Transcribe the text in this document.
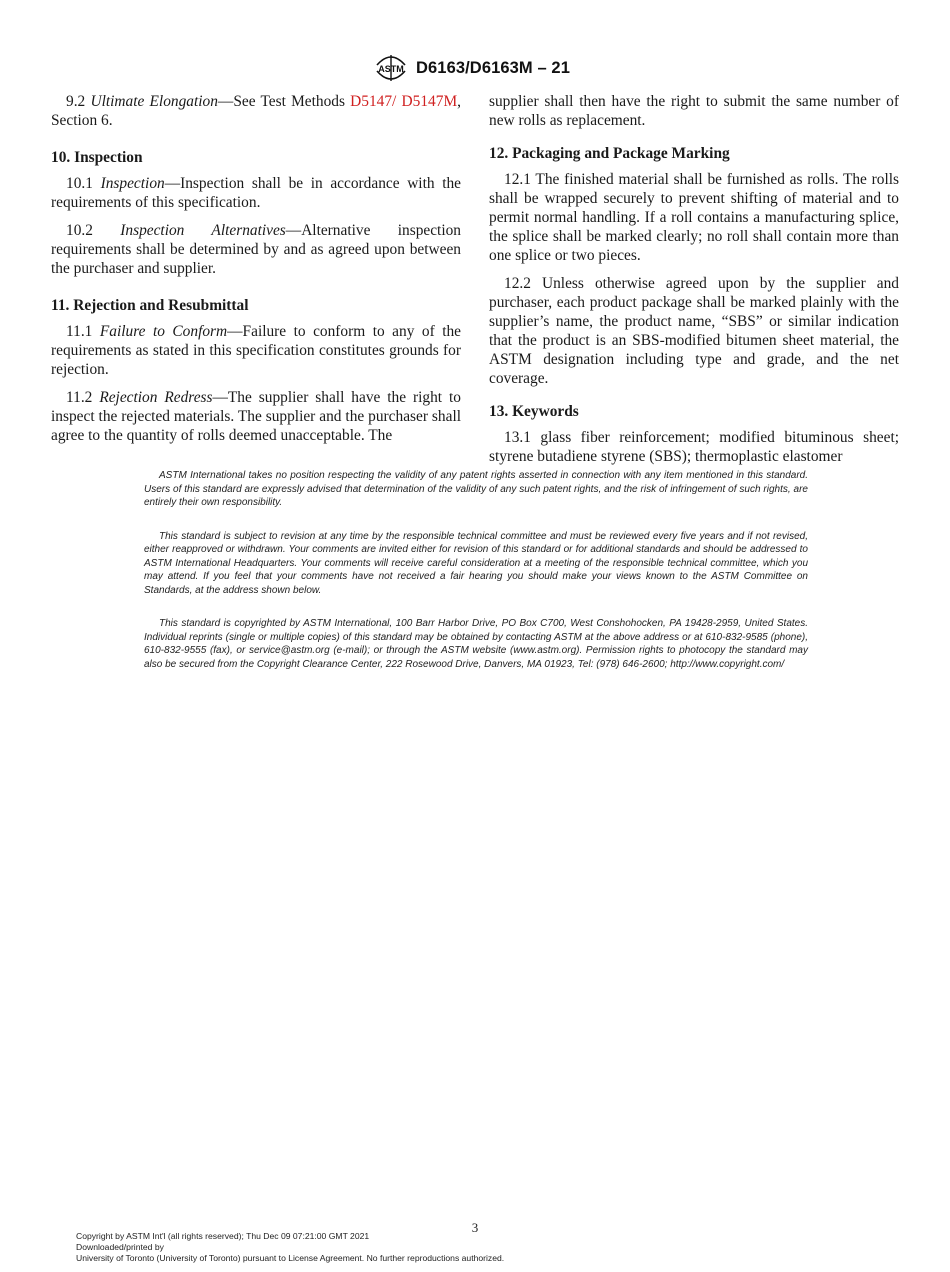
ASTM D6163/D6163M – 21

9.2 Ultimate Elongation—See Test Methods D5147/ D5147M, Section 6.

10. Inspection

10.1 Inspection—Inspection shall be in accordance with the requirements of this specification.

10.2 Inspection Alternatives—Alternative inspection requirements shall be determined by and as agreed upon between the purchaser and supplier.

11. Rejection and Resubmittal

11.1 Failure to Conform—Failure to conform to any of the requirements as stated in this specification constitutes grounds for rejection.

11.2 Rejection Redress—The supplier shall have the right to inspect the rejected materials. The supplier and the purchaser shall agree to the quantity of rolls deemed unacceptable. The

supplier shall then have the right to submit the same number of new rolls as replacement.

12. Packaging and Package Marking

12.1 The finished material shall be furnished as rolls. The rolls shall be wrapped securely to prevent shifting of material and to permit normal handling. If a roll contains a manufacturing splice, the splice shall be marked clearly; no roll shall contain more than one splice or two pieces.

12.2 Unless otherwise agreed upon by the supplier and purchaser, each product package shall be marked plainly with the supplier’s name, the product name, “SBS” or similar indication that the product is an SBS-modified bitumen sheet material, the ASTM designation including type and grade, and the net coverage.

13. Keywords

13.1 glass fiber reinforcement; modified bituminous sheet; styrene butadiene styrene (SBS); thermoplastic elastomer

ASTM International takes no position respecting the validity of any patent rights asserted in connection with any item mentioned in this standard. Users of this standard are expressly advised that determination of the validity of any such patent rights, and the risk of infringement of such rights, are entirely their own responsibility.

This standard is subject to revision at any time by the responsible technical committee and must be reviewed every five years and if not revised, either reapproved or withdrawn. Your comments are invited either for revision of this standard or for additional standards and should be addressed to ASTM International Headquarters. Your comments will receive careful consideration at a meeting of the responsible technical committee, which you may attend. If you feel that your comments have not received a fair hearing you should make your views known to the ASTM Committee on Standards, at the address shown below.

This standard is copyrighted by ASTM International, 100 Barr Harbor Drive, PO Box C700, West Conshohocken, PA 19428-2959, United States. Individual reprints (single or multiple copies) of this standard may be obtained by contacting ASTM at the above address or at 610-832-9585 (phone), 610-832-9555 (fax), or service@astm.org (e-mail); or through the ASTM website (www.astm.org). Permission rights to photocopy the standard may also be secured from the Copyright Clearance Center, 222 Rosewood Drive, Danvers, MA 01923, Tel: (978) 646-2600; http://www.copyright.com/

3
Copyright by ASTM Int'l (all rights reserved); Thu Dec 09 07:21:00 GMT 2021
Downloaded/printed by
University of Toronto (University of Toronto) pursuant to License Agreement. No further reproductions authorized.
